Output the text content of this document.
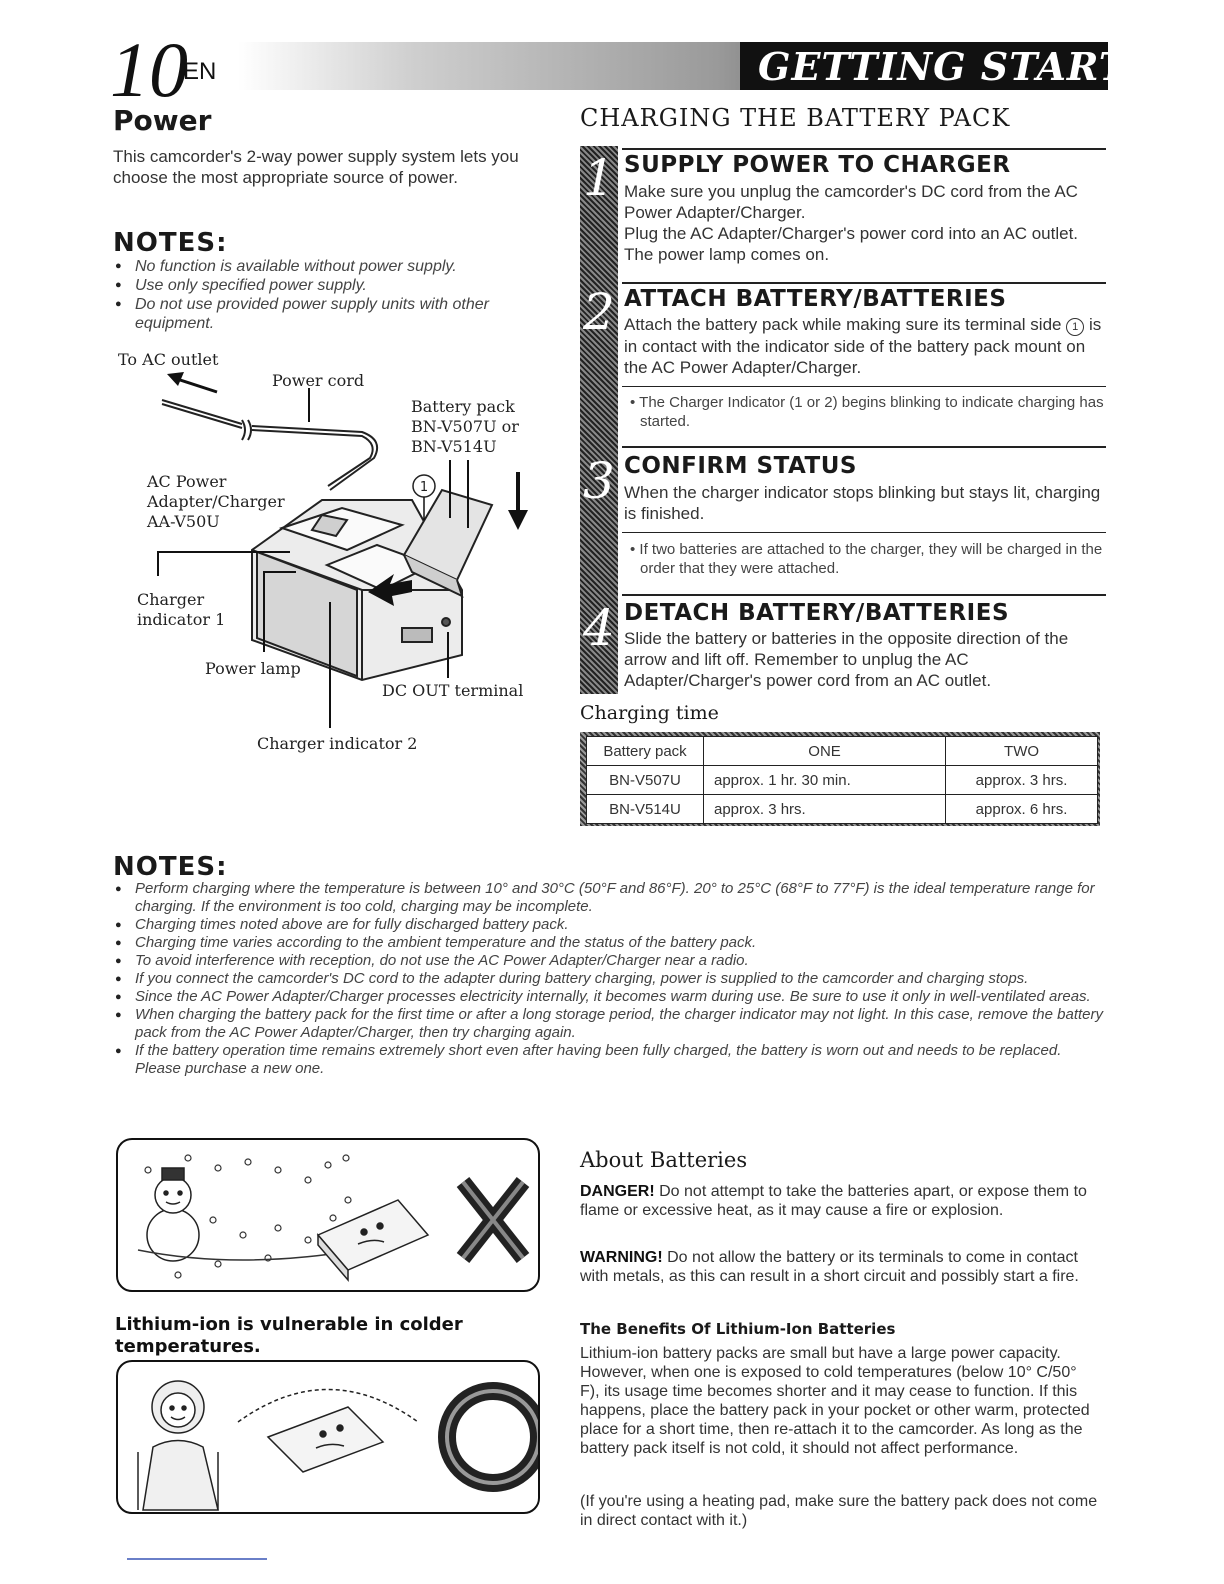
10
EN	GETTING STARTED
Power
This camcorder's 2-way power supply system lets you choose the most appropriate source of power.
NOTES:
● No function is available without power supply.
● Use only specified power supply.
● Do not use provided power supply units with other equipment.
1
To AC outlet
Power cord
Battery pack
BN-V507U or
BN-V514U
AC Power
Adapter/Charger
AA-V50U
Charger
indicator 1
Power lamp
DC OUT terminal
Charger indicator 2
CHARGING THE BATTERY PACK
1 SUPPLY POWER TO CHARGER
Make sure you unplug the camcorder's DC cord from the AC Power Adapter/Charger.
Plug the AC Adapter/Charger's power cord into an AC outlet. The power lamp comes on.
2 ATTACH BATTERY/BATTERIES
Attach the battery pack while making sure its terminal side 1 is in contact with the indicator side of the battery pack mount on the AC Power Adapter/Charger.
• The Charger Indicator (1 or 2) begins blinking to indicate charging has started.
3 CONFIRM STATUS
When the charger indicator stops blinking but stays lit, charging is finished.
• If two batteries are attached to the charger, they will be charged in the order that they were attached.
4 DETACH BATTERY/BATTERIES
Slide the battery or batteries in the opposite direction of the arrow and lift off. Remember to unplug the AC Adapter/Charger's power cord from an AC outlet.
Charging time
Battery pack	ONE	TWO
BN-V507U	approx. 1 hr. 30 min.	approx. 3 hrs.
BN-V514U	approx. 3 hrs.	approx. 6 hrs.
NOTES:
● Perform charging where the temperature is between 10° and 30°C (50°F and 86°F). 20° to 25°C (68°F to 77°F) is the ideal temperature range for charging. If the environment is too cold, charging may be incomplete.
● Charging times noted above are for fully discharged battery pack.
● Charging time varies according to the ambient temperature and the status of the battery pack.
● To avoid interference with reception, do not use the AC Power Adapter/Charger near a radio.
● If you connect the camcorder's DC cord to the adapter during battery charging, power is supplied to the camcorder and charging stops.
● Since the AC Power Adapter/Charger processes electricity internally, it becomes warm during use. Be sure to use it only in well-ventilated areas.
● When charging the battery pack for the first time or after a long storage period, the charger indicator may not light. In this case, remove the battery pack from the AC Power Adapter/Charger, then try charging again.
● If the battery operation time remains extremely short even after having been fully charged, the battery is worn out and needs to be replaced. Please purchase a new one.
Lithium-ion is vulnerable in colder temperatures.
About Batteries
DANGER! Do not attempt to take the batteries apart, or expose them to flame or excessive heat, as it may cause a fire or explosion.
WARNING! Do not allow the battery or its terminals to come in contact with metals, as this can result in a short circuit and possibly start a fire.
The Benefits Of Lithium-Ion Batteries
Lithium-ion battery packs are small but have a large power capacity. However, when one is exposed to cold temperatures (below 10° C/50° F), its usage time becomes shorter and it may cease to function. If this happens, place the battery pack in your pocket or other warm, protected place for a short time, then re-attach it to the camcorder. As long as the battery pack itself is not cold, it should not affect performance.
(If you're using a heating pad, make sure the battery pack does not come in direct contact with it.)
